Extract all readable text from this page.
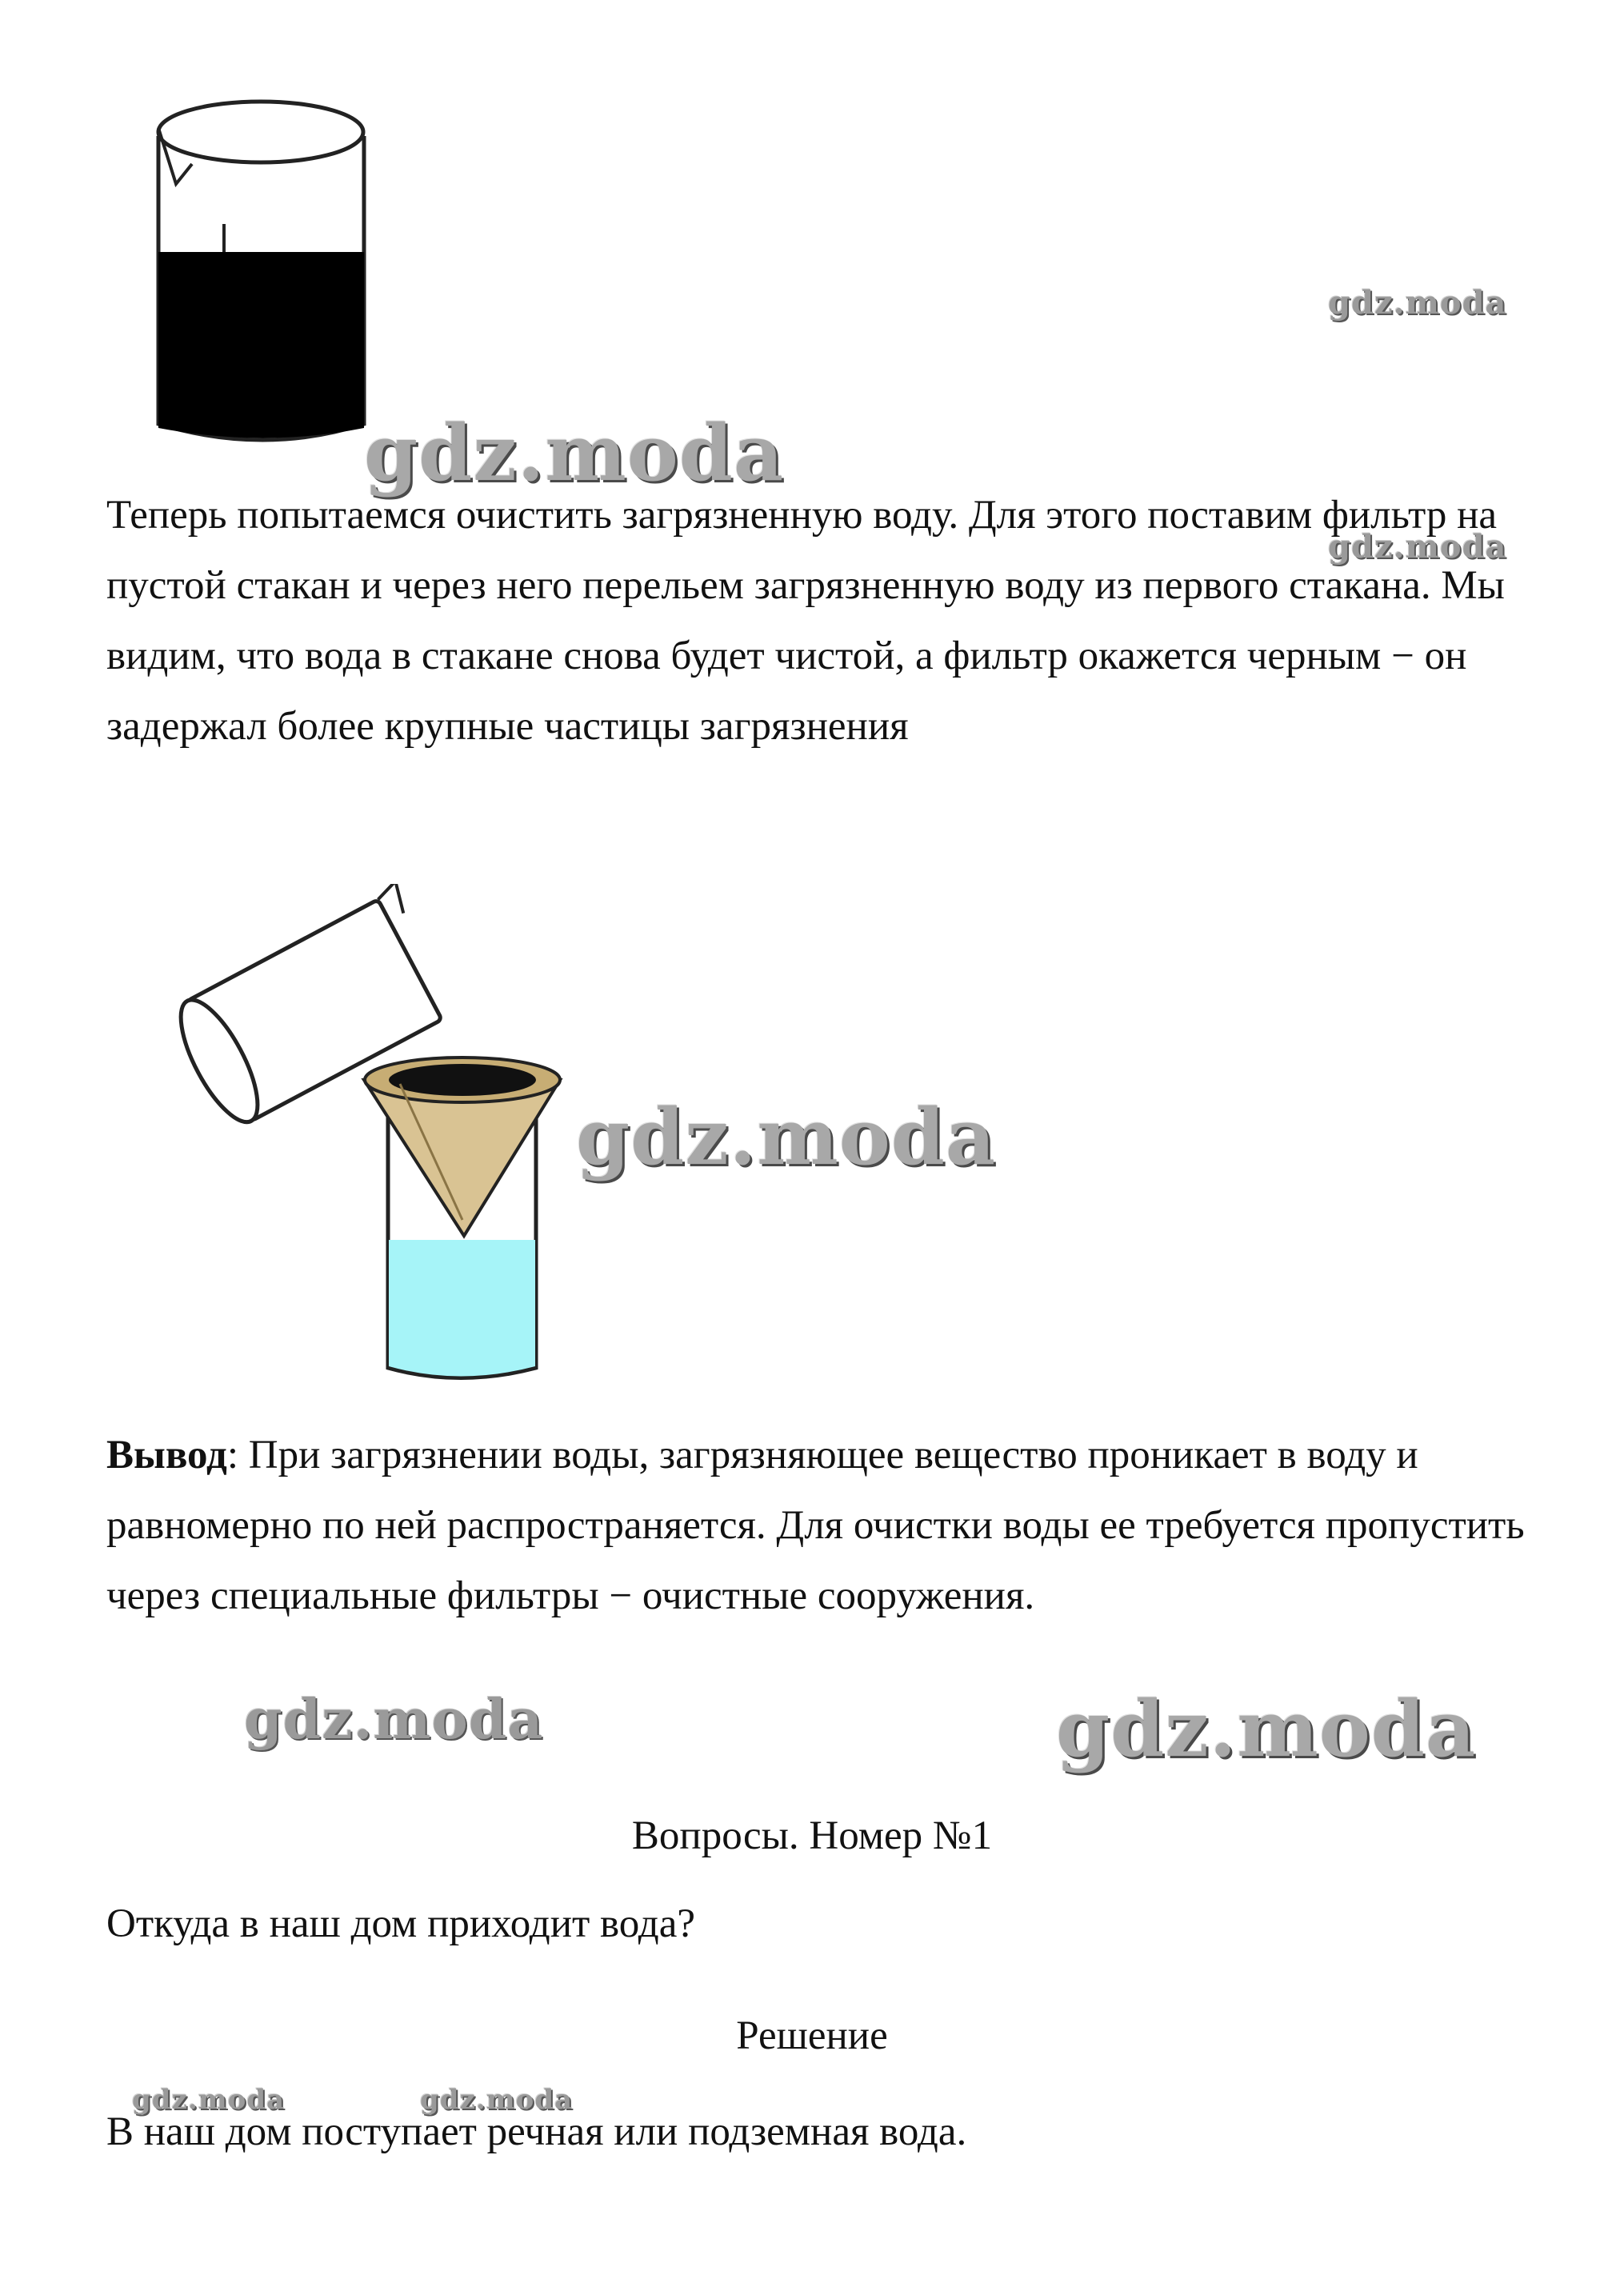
gdz.moda
gdz.moda
gdz.moda

Теперь попытаемся очистить загрязненную воду. Для этого поставим фильтр на пустой стакан и через него перельем загрязненную воду из первого стакана. Мы видим, что вода в стакане снова будет чистой, а фильтр окажется черным − он задержал более крупные частицы загрязнения

gdz.moda

Вывод: При загрязнении воды, загрязняющее вещество проникает в воду и равномерно по ней распространяется. Для очистки воды ее требуется пропустить через специальные фильтры − очистные сооружения.

gdz.moda	gdz.moda
Вопросы. Номер №1
Откуда в наш дом приходит вода?
Решение
gdz.moda	gdz.moda
В наш дом поступает речная или подземная вода.
